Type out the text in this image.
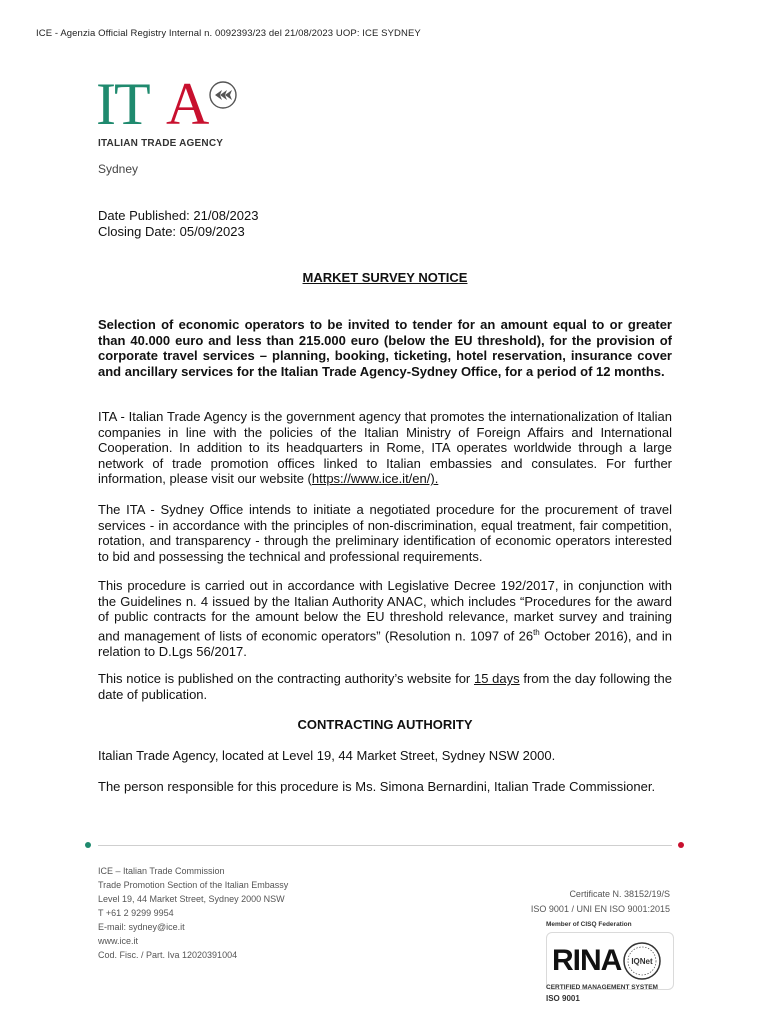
ICE - Agenzia Official Registry Internal n. 0092393/23 del 21/08/2023 UOP: ICE SYDNEY
IT A
ITALIAN TRADE AGENCY
Sydney
Date Published: 21/08/2023
Closing Date: 05/09/2023
MARKET SURVEY NOTICE
Selection of economic operators to be invited to tender for an amount equal to or greater than 40.000 euro and less than 215.000 euro (below the EU threshold), for the provision of corporate travel services – planning, booking, ticketing, hotel reservation, insurance cover and ancillary services for the Italian Trade Agency-Sydney Office, for a period of 12 months.
ITA - Italian Trade Agency is the government agency that promotes the internationalization of Italian companies in line with the policies of the Italian Ministry of Foreign Affairs and International Cooperation. In addition to its headquarters in Rome, ITA operates worldwide through a large network of trade promotion offices linked to Italian embassies and consulates. For further information, please visit our website (https://www.ice.it/en/).
The ITA - Sydney Office intends to initiate a negotiated procedure for the procurement of travel services - in accordance with the principles of non-discrimination, equal treatment, fair competition, rotation, and transparency - through the preliminary identification of economic operators interested to bid and possessing the technical and professional requirements.
This procedure is carried out in accordance with Legislative Decree 192/2017, in conjunction with the Guidelines n. 4 issued by the Italian Authority ANAC, which includes “Procedures for the award of public contracts for the amount below the EU threshold relevance, market survey and training and management of lists of economic operators” (Resolution n. 1097 of 26th October 2016), and in relation to D.Lgs 56/2017.
This notice is published on the contracting authority’s website for 15 days from the day following the date of publication.
CONTRACTING AUTHORITY
Italian Trade Agency, located at Level 19, 44 Market Street, Sydney NSW 2000.
The person responsible for this procedure is Ms. Simona Bernardini, Italian Trade Commissioner.
ICE – Italian Trade Commission
Trade Promotion Section of the Italian Embassy
Level 19, 44 Market Street, Sydney 2000 NSW
T +61 2 9299 9954
E-mail: sydney@ice.it
www.ice.it
Cod. Fisc. / Part. Iva 12020391004
Certificate N. 38152/19/S
ISO 9001 / UNI EN ISO 9001:2015
Member of CISQ Federation
RINA IQNet
CERTIFIED MANAGEMENT SYSTEM
ISO 9001
